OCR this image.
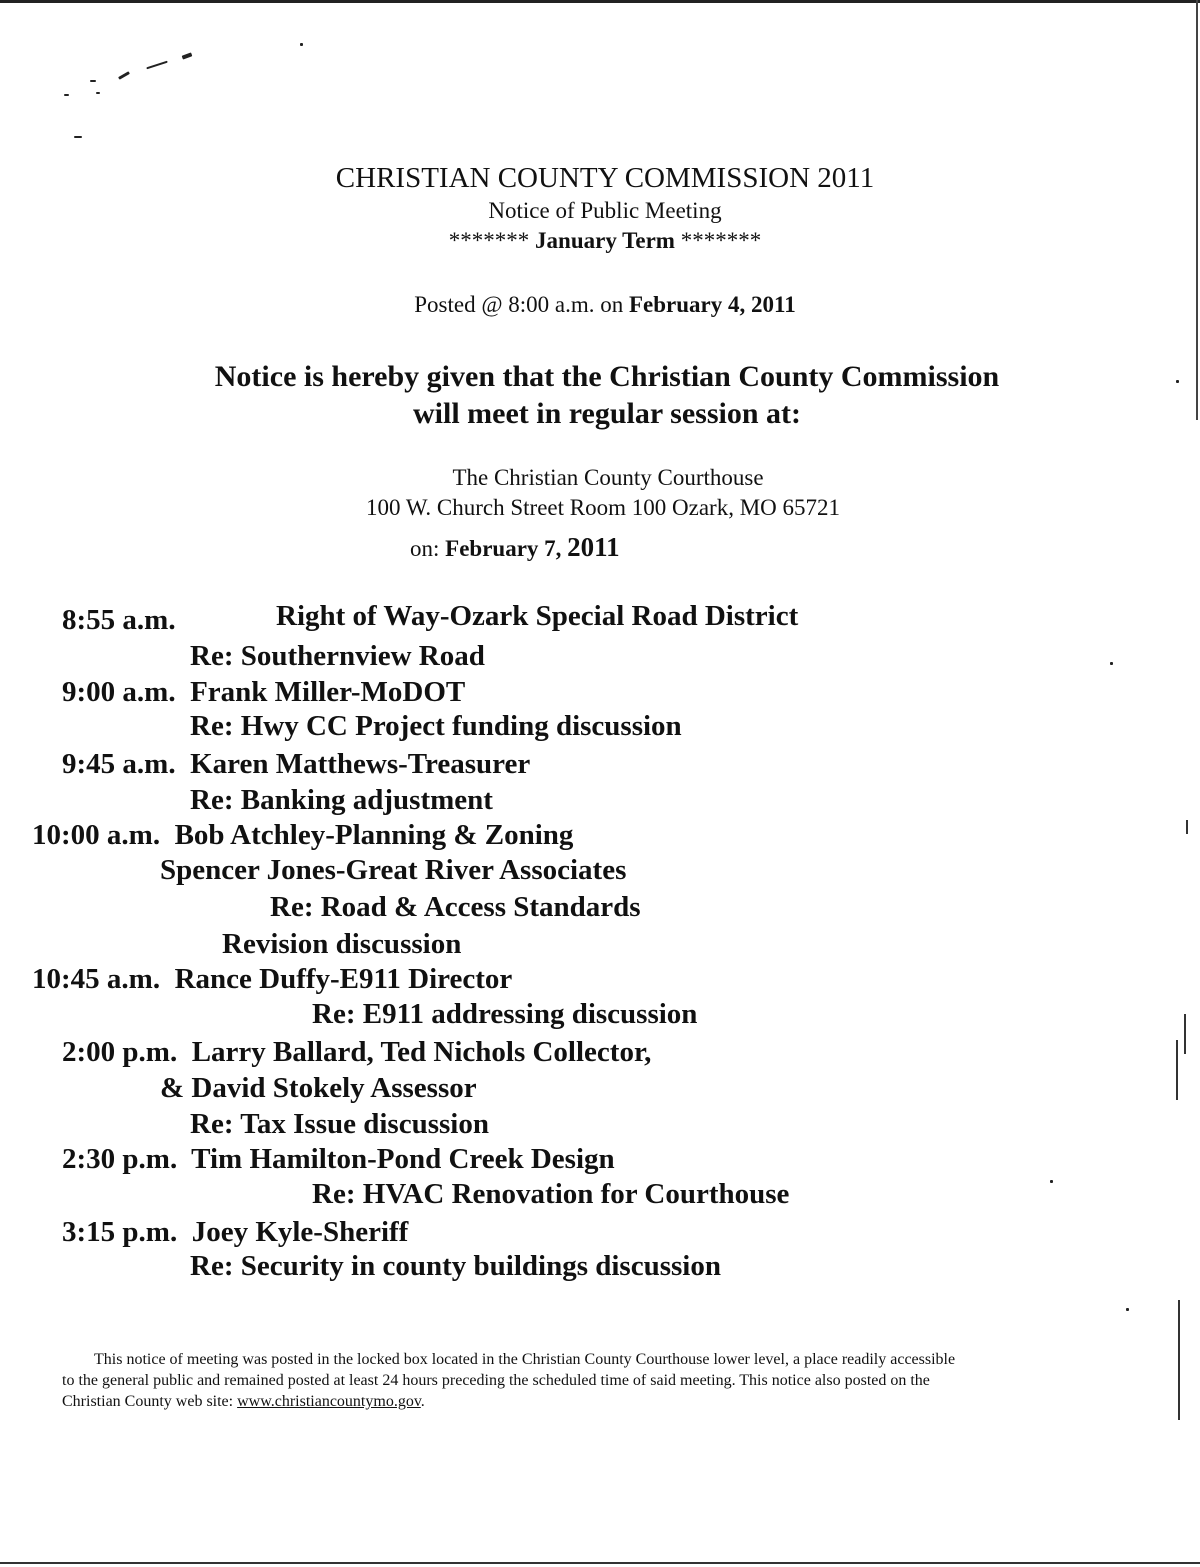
CHRISTIAN COUNTY COMMISSION 2011
Notice of Public Meeting
******* January Term *******
Posted @ 8:00 a.m. on February 4, 2011
Notice is hereby given that the Christian County Commission
will meet in regular session at:
The Christian County Courthouse
100 W. Church Street Room 100 Ozark, MO 65721
on: February 7, 2011
8:55 a.m.	Right of Way-Ozark Special Road District
Re: Southernview Road
9:00 a.m.  Frank Miller-MoDOT
Re: Hwy CC Project funding discussion
9:45 a.m.  Karen Matthews-Treasurer
Re: Banking adjustment
10:00 a.m.  Bob Atchley-Planning & Zoning
Spencer Jones-Great River Associates
Re: Road & Access Standards
Revision discussion
10:45 a.m.  Rance Duffy-E911 Director
Re: E911 addressing discussion
2:00 p.m.  Larry Ballard, Ted Nichols Collector,
& David Stokely Assessor
Re: Tax Issue discussion
2:30 p.m.  Tim Hamilton-Pond Creek Design
Re: HVAC Renovation for Courthouse
3:15 p.m.  Joey Kyle-Sheriff
Re: Security in county buildings discussion
This notice of meeting was posted in the locked box located in the Christian County Courthouse lower level, a place readily accessible
to the general public and remained posted at least 24 hours preceding the scheduled time of said meeting. This notice also posted on the
Christian County web site: www.christiancountymo.gov.
